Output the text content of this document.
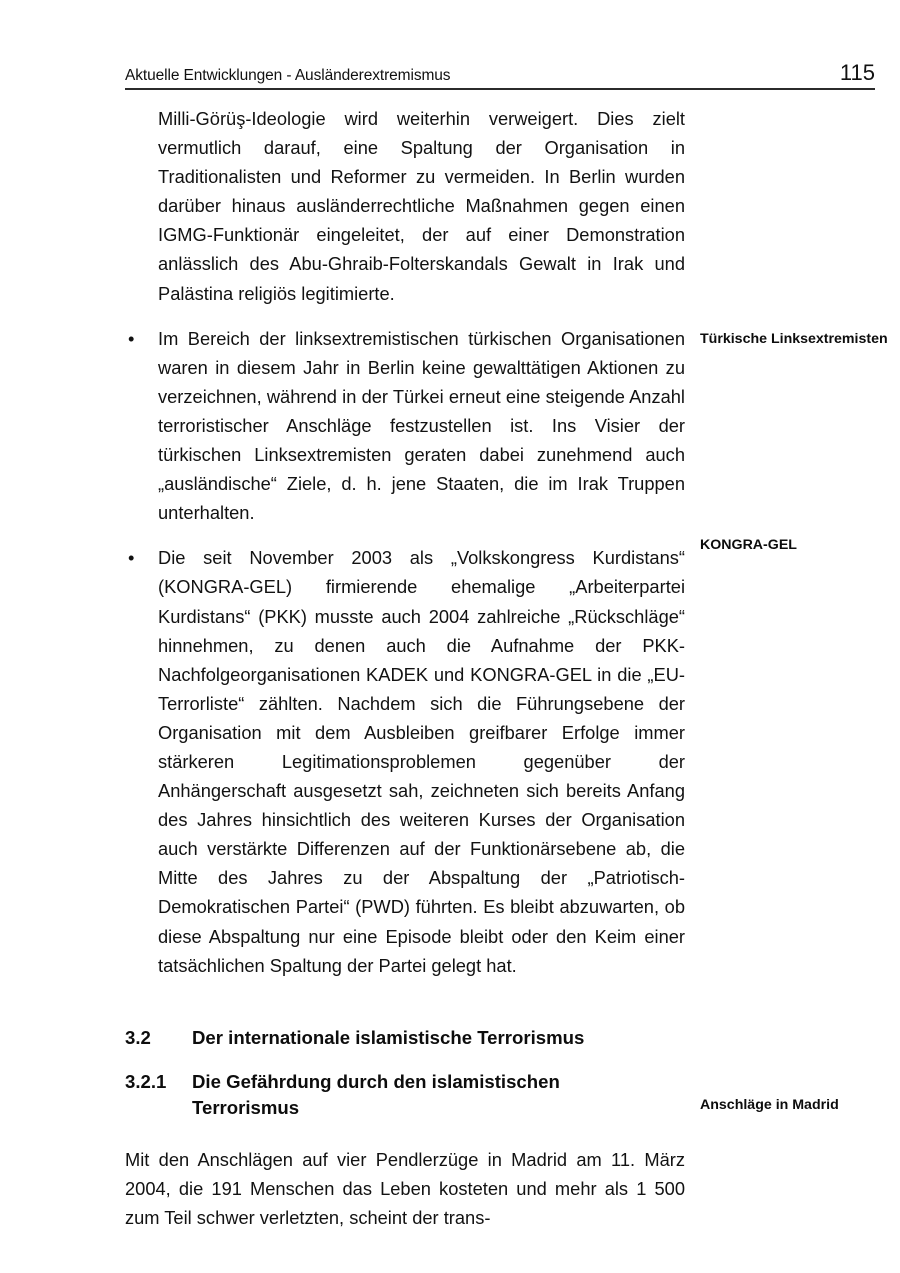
Aktuelle Entwicklungen - Ausländerextremismus	115

Milli-Görüş-Ideologie wird weiterhin verweigert. Dies zielt vermutlich darauf, eine Spaltung der Organisation in Traditionalisten und Reformer zu vermeiden. In Berlin wurden darüber hinaus ausländerrechtliche Maßnahmen gegen einen IGMG-Funktionär eingeleitet, der auf einer Demonstration anlässlich des Abu-Ghraib-Folterskandals Gewalt in Irak und Palästina religiös legitimierte.

•	Im Bereich der linksextremistischen türkischen Organisationen waren in diesem Jahr in Berlin keine gewalttätigen Aktionen zu verzeichnen, während in der Türkei erneut eine steigende Anzahl terroristischer Anschläge festzustellen ist. Ins Visier der türkischen Linksextremisten geraten dabei zunehmend auch „ausländische“ Ziele, d. h. jene Staaten, die im Irak Truppen unterhalten.

•	Die seit November 2003 als „Volkskongress Kurdistans“ (KONGRA-GEL) firmierende ehemalige „Arbeiterpartei Kurdistans“ (PKK) musste auch 2004 zahlreiche „Rückschläge“ hinnehmen, zu denen auch die Aufnahme der PKK-Nachfolgeorganisationen KADEK und KONGRA-GEL in die „EU-Terrorliste“ zählten. Nachdem sich die Führungsebene der Organisation mit dem Ausbleiben greifbarer Erfolge immer stärkeren Legitimationsproblemen gegenüber der Anhängerschaft ausgesetzt sah, zeichneten sich bereits Anfang des Jahres hinsichtlich des weiteren Kurses der Organisation auch verstärkte Differenzen auf der Funktionärsebene ab, die Mitte des Jahres zu der Abspaltung der „Patriotisch-Demokratischen Partei“ (PWD) führten. Es bleibt abzuwarten, ob diese Abspaltung nur eine Episode bleibt oder den Keim einer tatsächlichen Spaltung der Partei gelegt hat.

3.2	Der internationale islamistische Terrorismus
3.2.1	Die Gefährdung durch den islamistischen Terrorismus

Mit den Anschlägen auf vier Pendlerzüge in Madrid am 11. März 2004, die 191 Menschen das Leben kosteten und mehr als 1 500 zum Teil schwer verletzten, scheint der trans-

Türkische Linksextremisten
KONGRA-GEL
Anschläge in Madrid
